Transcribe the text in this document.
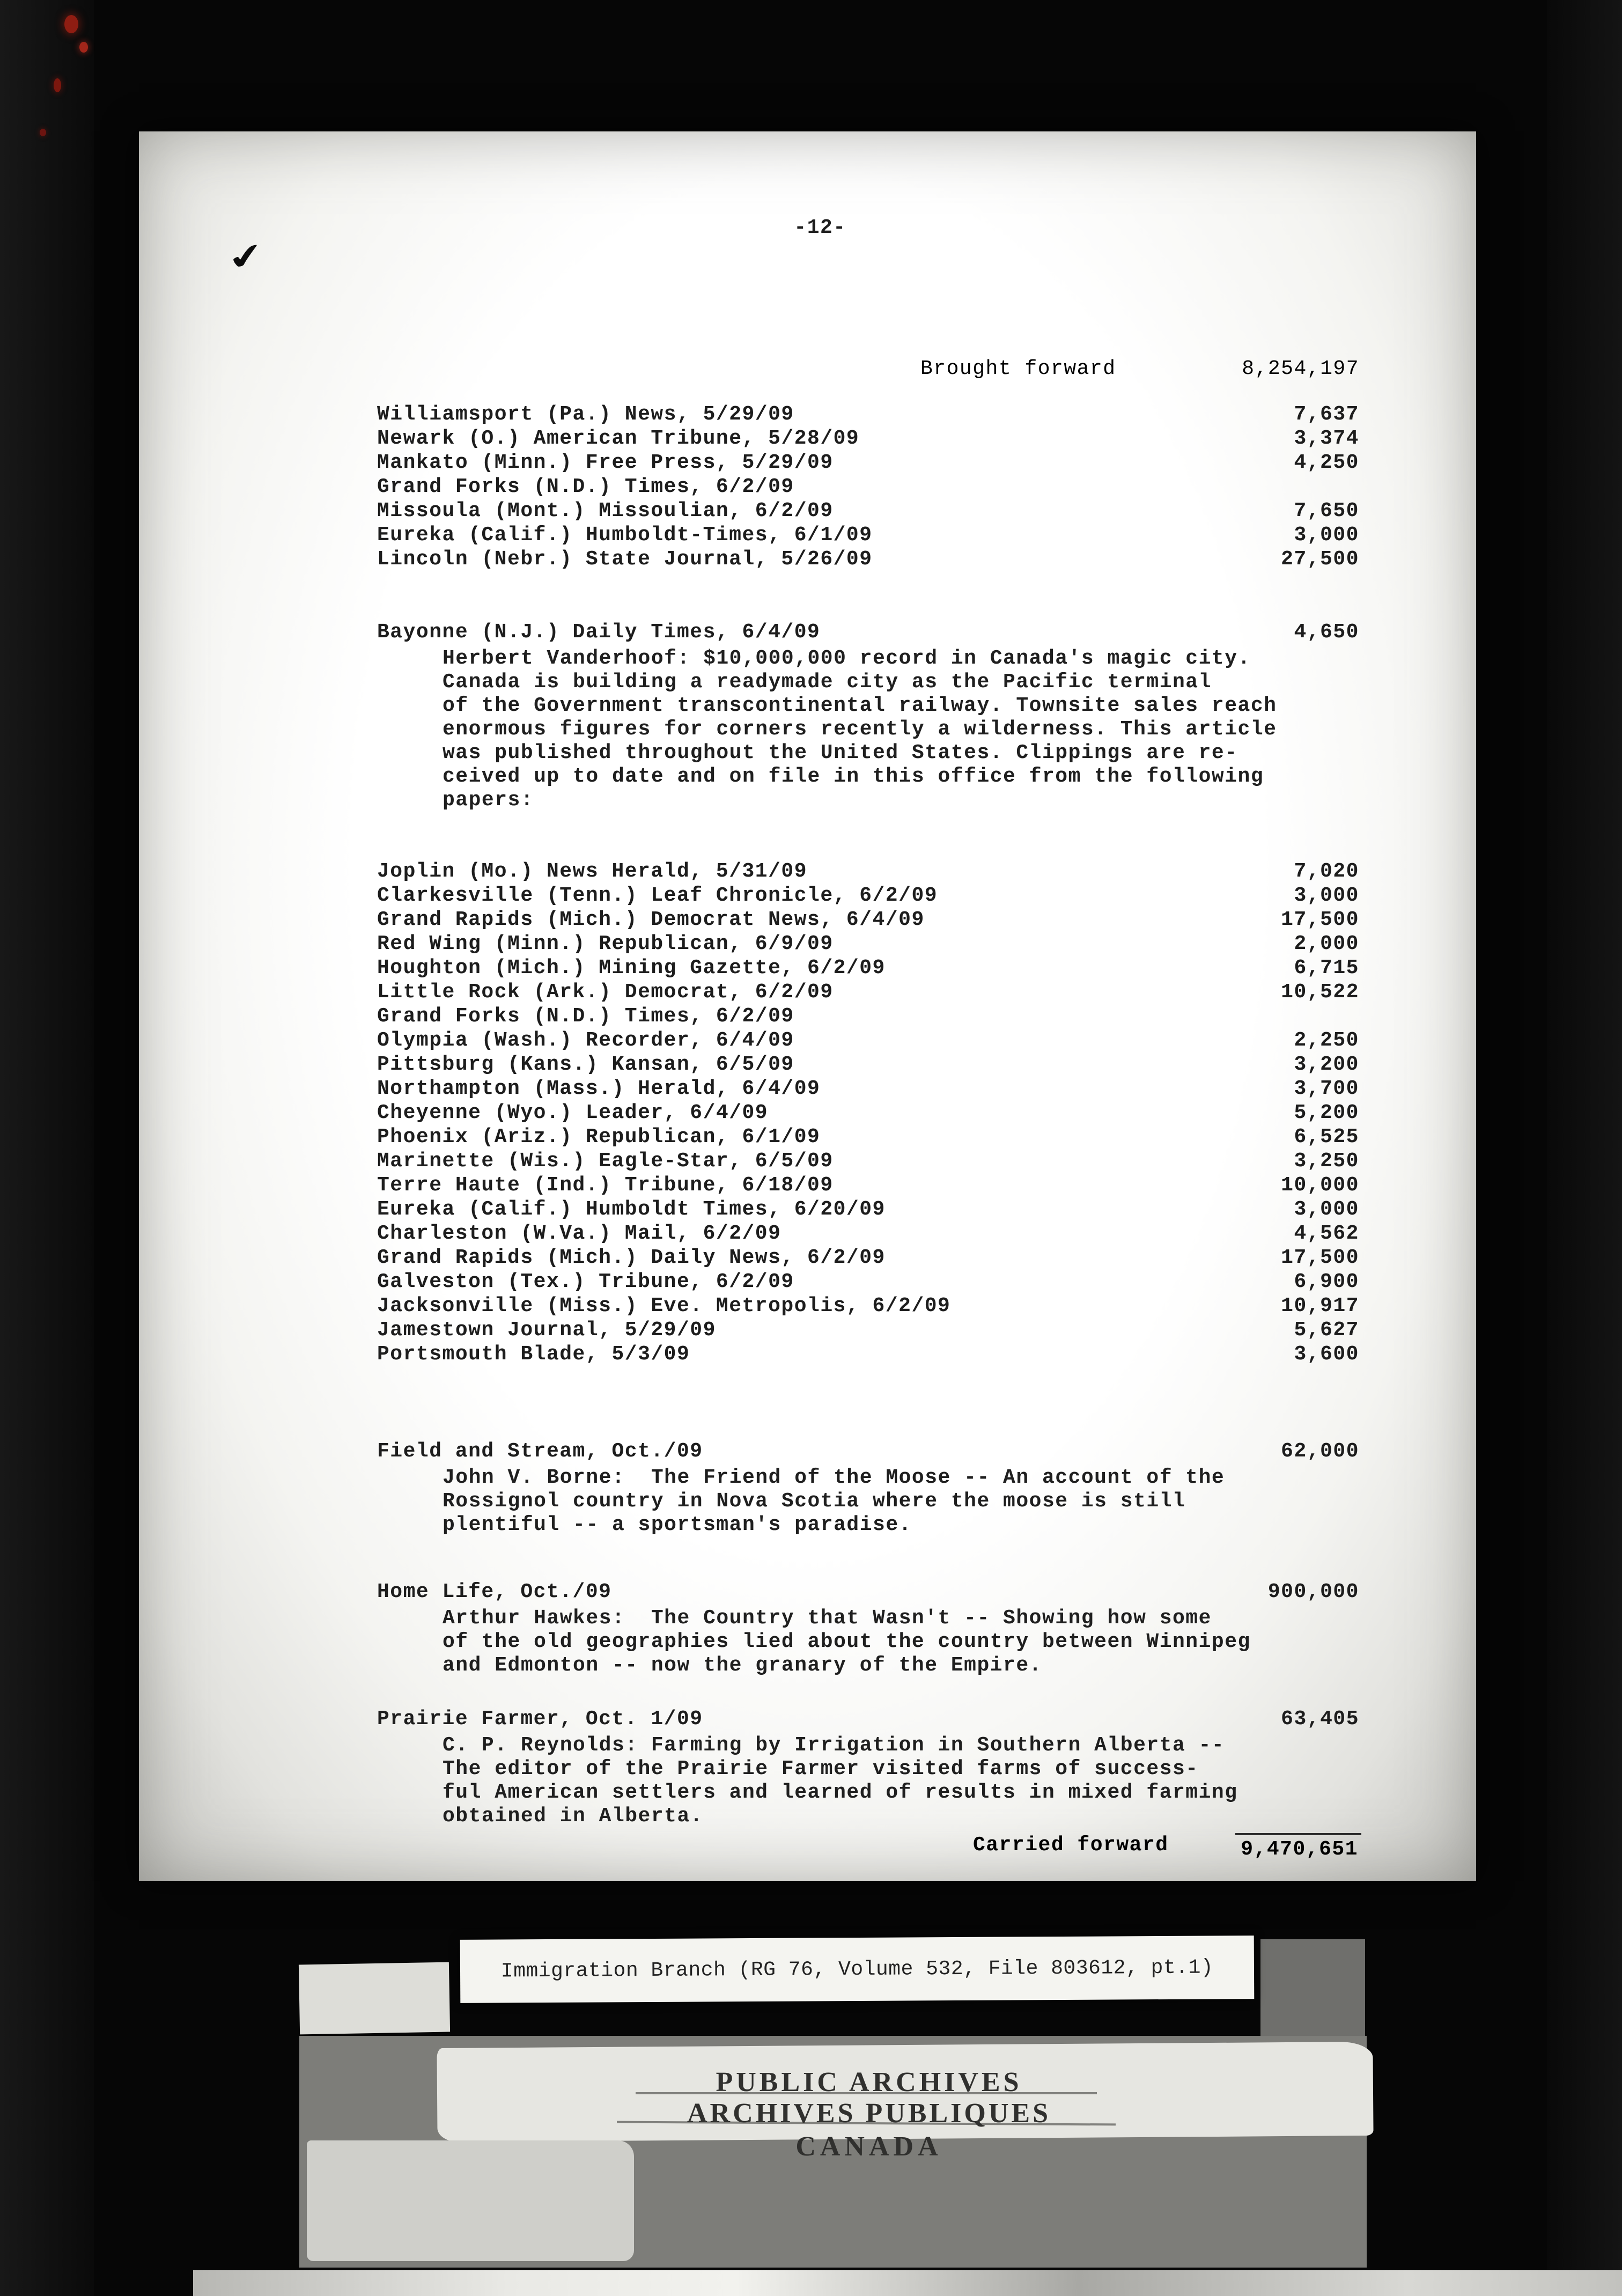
✔
-12-
Brought forward	8,254,197
Williamsport (Pa.) News, 5/29/09	7,637
Newark (O.) American Tribune, 5/28/09	3,374
Mankato (Minn.) Free Press, 5/29/09	4,250
Grand Forks (N.D.) Times, 6/2/09
Missoula (Mont.) Missoulian, 6/2/09	7,650
Eureka (Calif.) Humboldt-Times, 6/1/09	3,000
Lincoln (Nebr.) State Journal, 5/26/09	27,500
Bayonne (N.J.) Daily Times, 6/4/09	4,650
Herbert Vanderhoof: $10,000,000 record in Canada's magic city.
Canada is building a readymade city as the Pacific terminal
of the Government transcontinental railway. Townsite sales reach
enormous figures for corners recently a wilderness. This article
was published throughout the United States. Clippings are re-
ceived up to date and on file in this office from the following
papers:
Joplin (Mo.) News Herald, 5/31/09	7,020
Clarkesville (Tenn.) Leaf Chronicle, 6/2/09	3,000
Grand Rapids (Mich.) Democrat News, 6/4/09	17,500
Red Wing (Minn.) Republican, 6/9/09	2,000
Houghton (Mich.) Mining Gazette, 6/2/09	6,715
Little Rock (Ark.) Democrat, 6/2/09	10,522
Grand Forks (N.D.) Times, 6/2/09
Olympia (Wash.) Recorder, 6/4/09	2,250
Pittsburg (Kans.) Kansan, 6/5/09	3,200
Northampton (Mass.) Herald, 6/4/09	3,700
Cheyenne (Wyo.) Leader, 6/4/09	5,200
Phoenix (Ariz.) Republican, 6/1/09	6,525
Marinette (Wis.) Eagle-Star, 6/5/09	3,250
Terre Haute (Ind.) Tribune, 6/18/09	10,000
Eureka (Calif.) Humboldt Times, 6/20/09	3,000
Charleston (W.Va.) Mail, 6/2/09	4,562
Grand Rapids (Mich.) Daily News, 6/2/09	17,500
Galveston (Tex.) Tribune, 6/2/09	6,900
Jacksonville (Miss.) Eve. Metropolis, 6/2/09	10,917
Jamestown Journal, 5/29/09	5,627
Portsmouth Blade, 5/3/09	3,600
Field and Stream, Oct./09	62,000
John V. Borne:  The Friend of the Moose -- An account of the
Rossignol country in Nova Scotia where the moose is still
plentiful -- a sportsman's paradise.
Home Life, Oct./09	900,000
Arthur Hawkes:  The Country that Wasn't -- Showing how some
of the old geographies lied about the country between Winnipeg
and Edmonton -- now the granary of the Empire.
Prairie Farmer, Oct. 1/09	63,405
C. P. Reynolds: Farming by Irrigation in Southern Alberta --
The editor of the Prairie Farmer visited farms of success-
ful American settlers and learned of results in mixed farming
obtained in Alberta.
Carried forward	9,470,651
Immigration Branch (RG 76, Volume 532, File 803612, pt.1)
PUBLIC ARCHIVES
ARCHIVES PUBLIQUES
CANADA
